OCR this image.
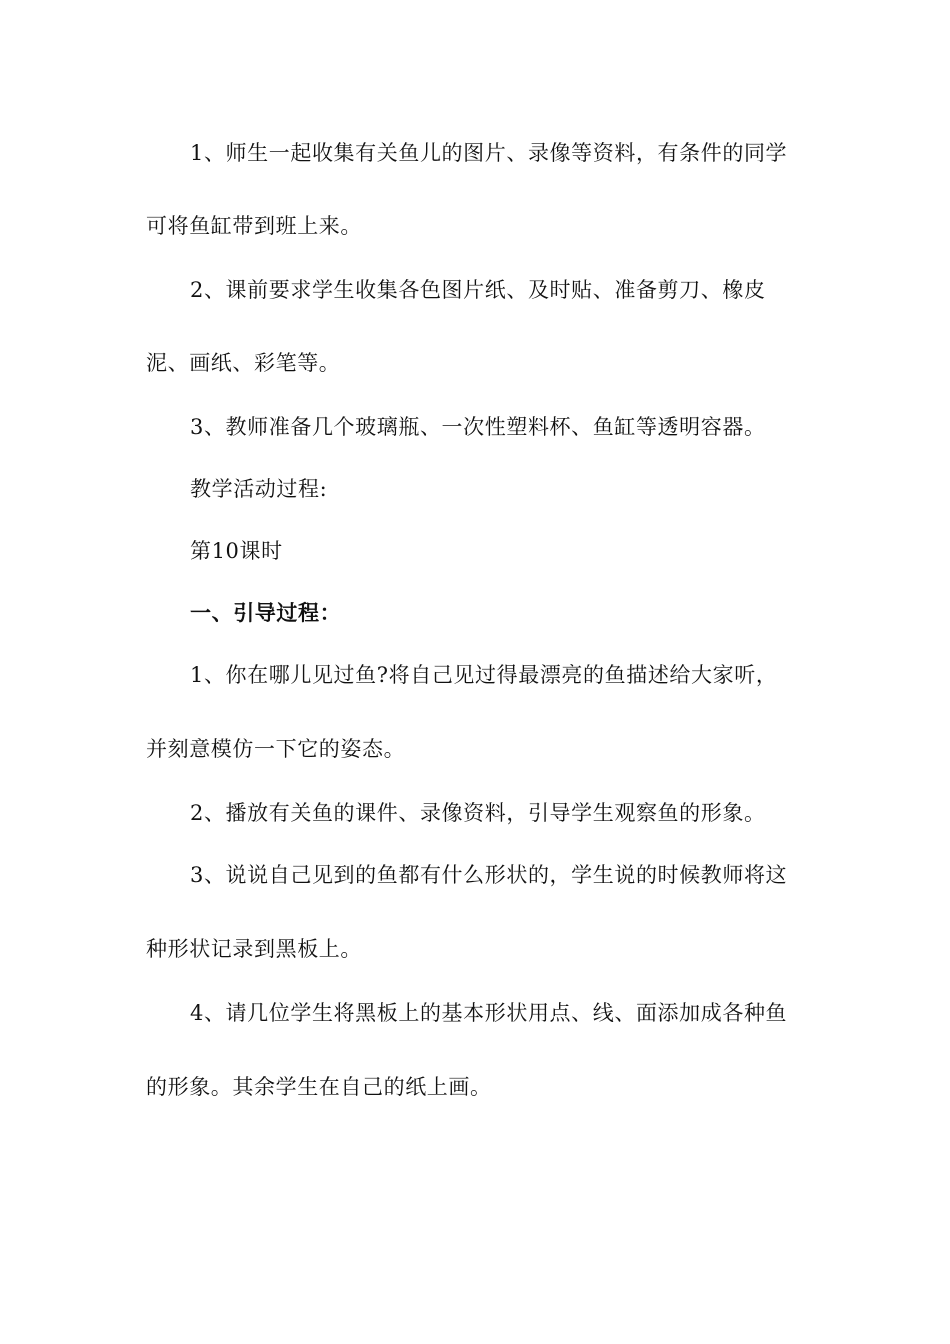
1、师生一起收集有关鱼儿的图片、录像等资料，有条件的同学

可将鱼缸带到班上来。

2、课前要求学生收集各色图片纸、及时贴、准备剪刀、橡皮

泥、画纸、彩笔等。

3、教师准备几个玻璃瓶、一次性塑料杯、鱼缸等透明容器。

教学活动过程:

第10课时

一、引导过程：

1、你在哪儿见过鱼?将自己见过得最漂亮的鱼描述给大家听，

并刻意模仿一下它的姿态。

2、播放有关鱼的课件、录像资料，引导学生观察鱼的形象。

3、说说自己见到的鱼都有什么形状的，学生说的时候教师将这

种形状记录到黑板上。

4、请几位学生将黑板上的基本形状用点、线、面添加成各种鱼

的形象。其余学生在自己的纸上画。
